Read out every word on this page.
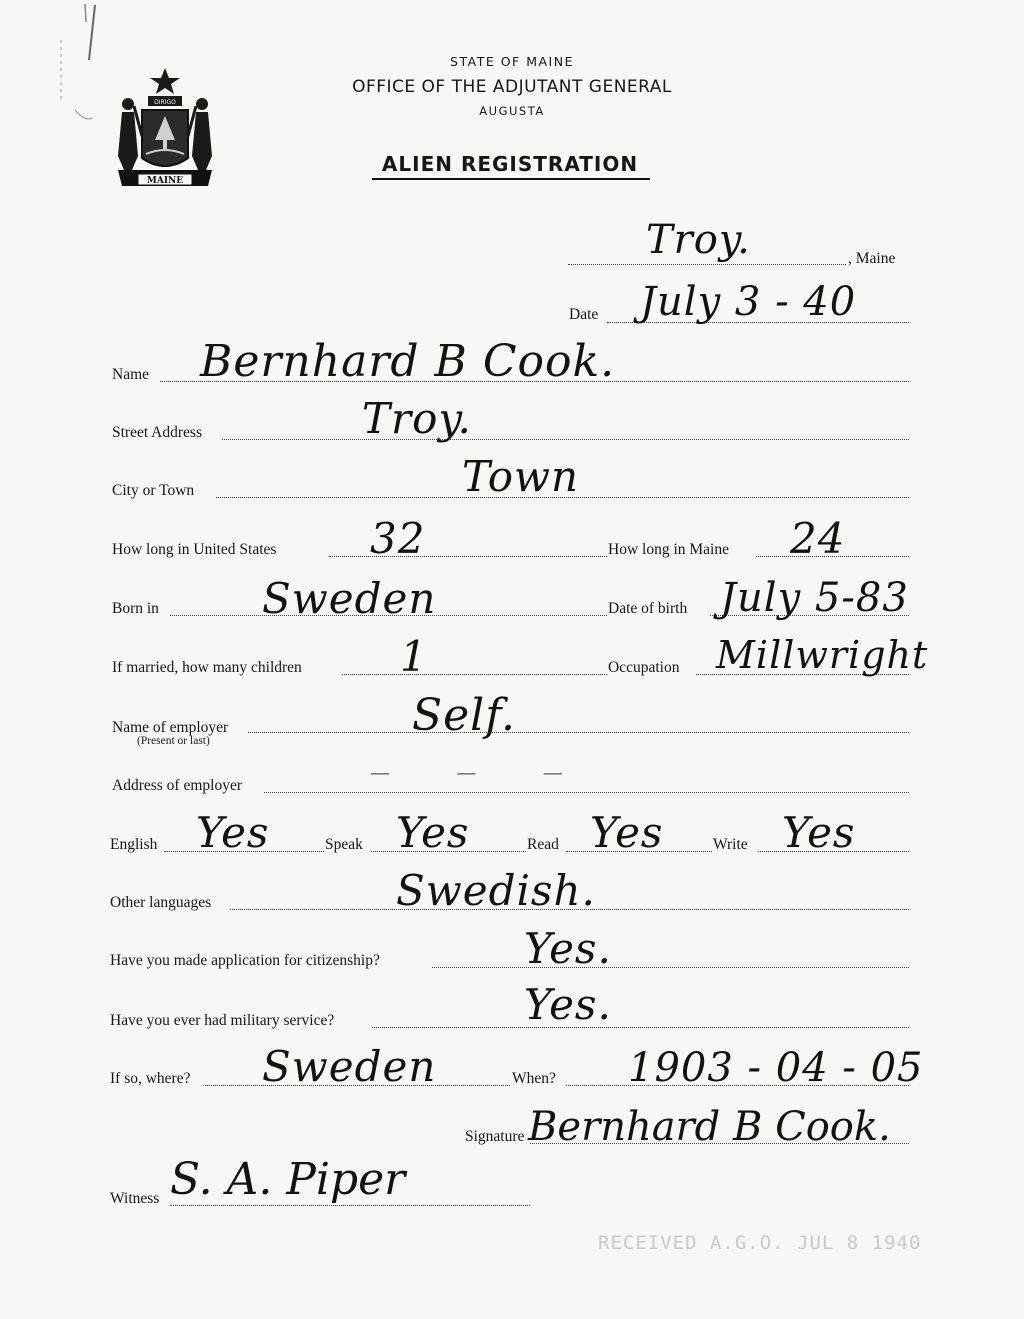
DIRIGO
MAINE
STATE OF MAINE
OFFICE OF THE ADJUTANT GENERAL
AUGUSTA
ALIEN REGISTRATION
Troy.	, Maine
Date July 3 - 40
Name Bernhard B Cook.
Street Address	Troy.
City or Town	Town
How long in United States 32	How long in Maine 24
Born in Sweden	Date of birth July 5-83
If married, how many children 1	Occupation Millwright
Name of employer
(Present or last)	Self.
Address of employer
— — —
English Yes	Speak Yes	Read Yes	Write Yes
Other languages	Swedish.
Have you made application for citizenship?	Yes.
Have you ever had military service?	Yes.
If so, where? Sweden	When? 1903 - 04 - 05
Signature Bernhard B Cook.
Witness S. A. Piper
RECEIVED A.G.O. JUL 8 1940
